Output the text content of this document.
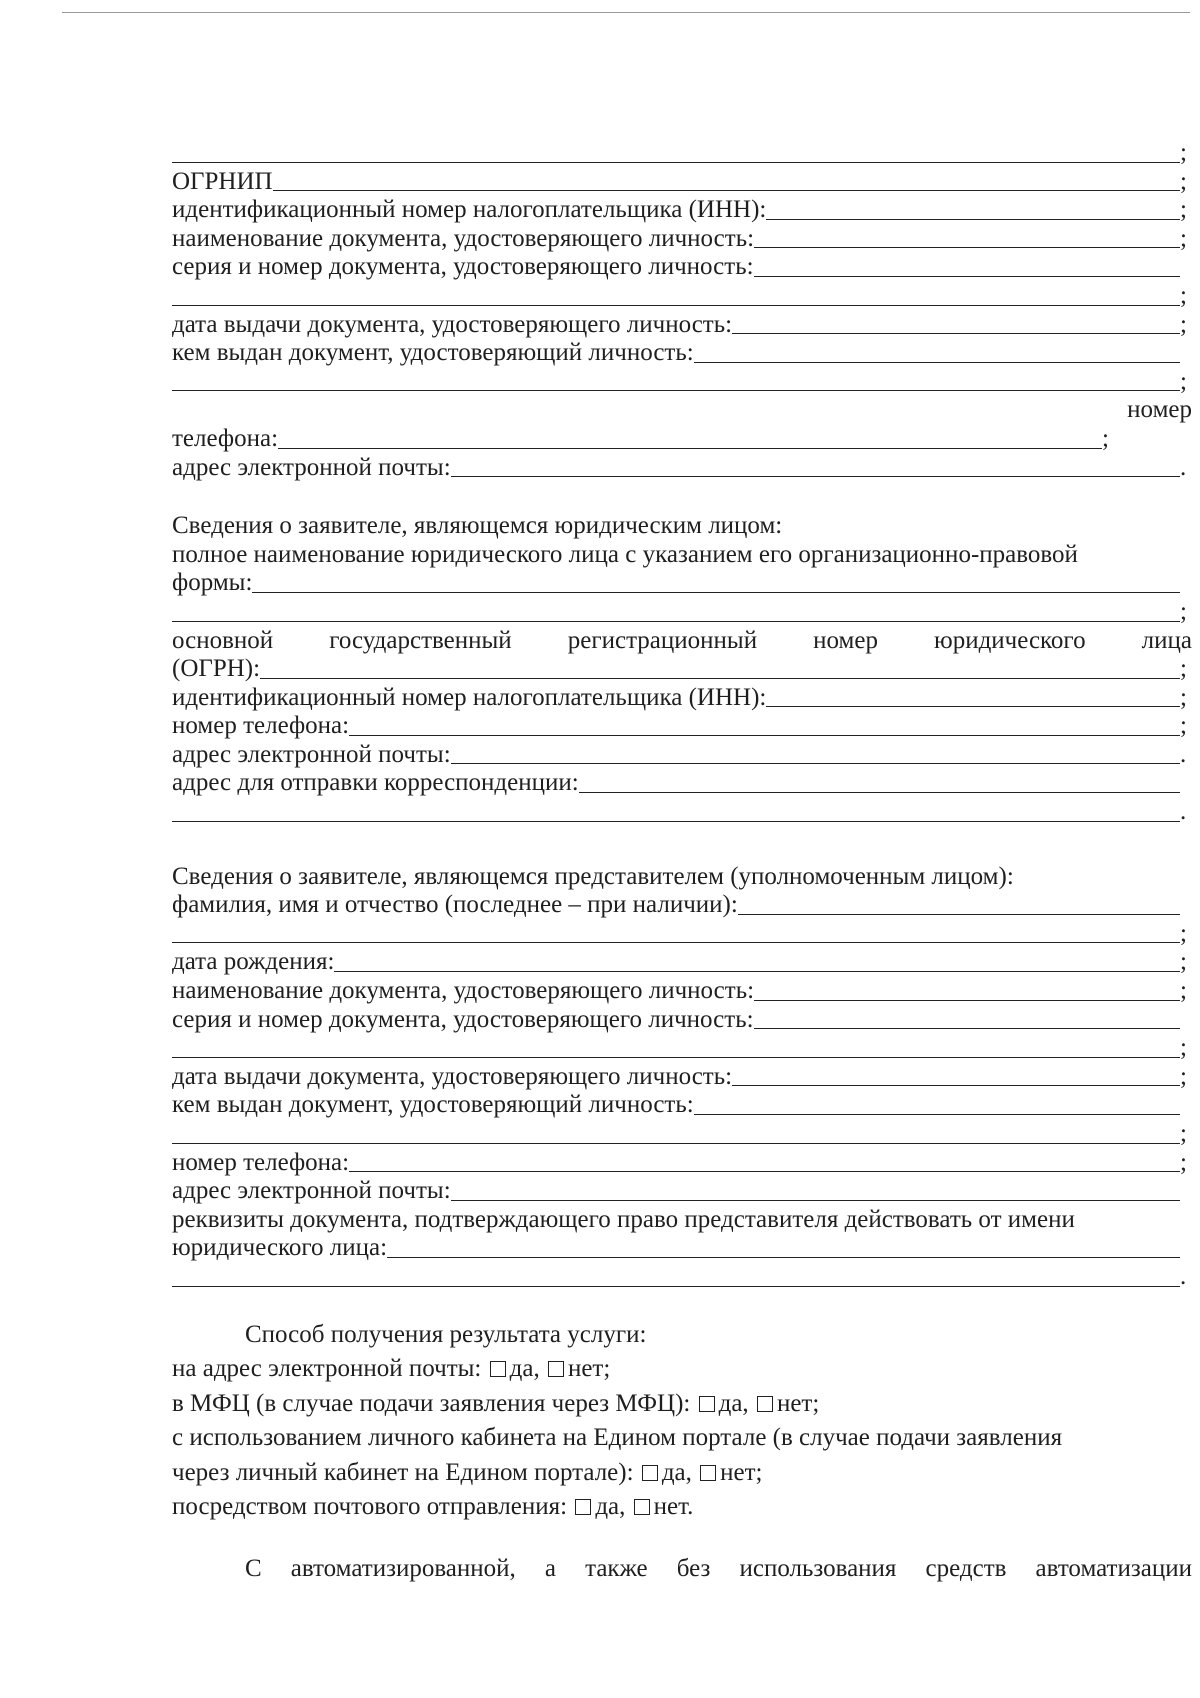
;
ОГРНИП	;
идентификационный номер налогоплательщика (ИНН):	;
наименование документа, удостоверяющего личность:	;
серия и номер документа, удостоверяющего личность:
;
дата выдачи документа, удостоверяющего личность:	;
кем выдан документ, удостоверяющий личность:
;
номер
телефона:	;
адрес электронной почты:	.
Сведения о заявителе, являющемся юридическим лицом:
полное наименование юридического лица с указанием его организационно-правовой
формы:
;
основной государственный регистрационный номер юридического лица
(ОГРН):	;
идентификационный номер налогоплательщика (ИНН):	;
номер телефона:	;
адрес электронной почты:	.
адрес для отправки корреспонденции:
.
Сведения о заявителе, являющемся представителем (уполномоченным лицом):
фамилия, имя и отчество (последнее – при наличии):
;
дата рождения:	;
наименование документа, удостоверяющего личность:	;
серия и номер документа, удостоверяющего личность:
;
дата выдачи документа, удостоверяющего личность:	;
кем выдан документ, удостоверяющий личность:
;
номер телефона:	;
адрес электронной почты:
реквизиты документа, подтверждающего право представителя действовать от имени
юридического лица:
.
Способ получения результата услуги:
на адрес электронной почты: да, нет;
в МФЦ (в случае подачи заявления через МФЦ): да, нет;
с использованием личного кабинета на Едином портале (в случае подачи заявления
через личный кабинет на Едином портале): да, нет;
посредством почтового отправления: да, нет.
С автоматизированной, а также без использования средств автоматизации
